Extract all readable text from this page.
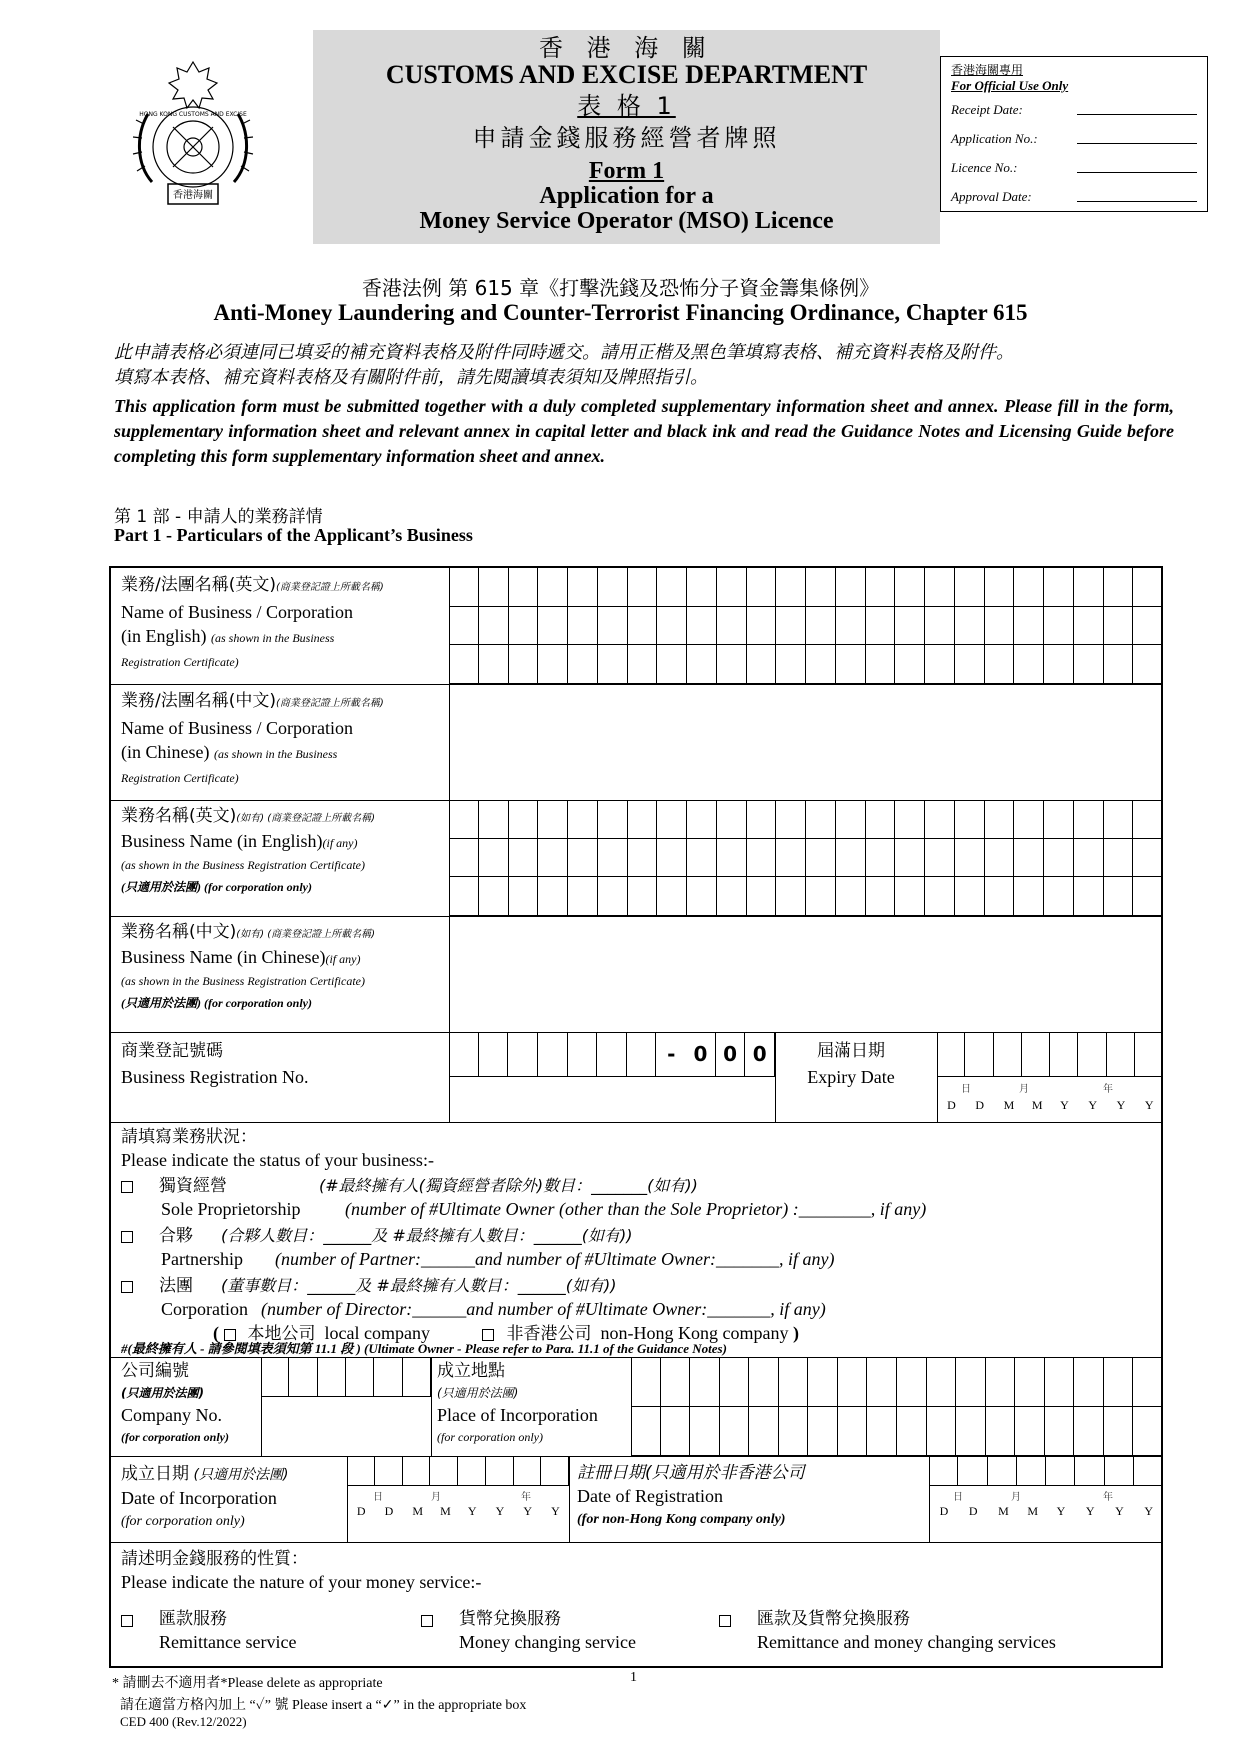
HONG KONG CUSTOMS AND EXCISE
香港海關
香 港 海 關
CUSTOMS AND EXCISE DEPARTMENT
表 格 1
申請金錢服務經營者牌照
Form 1
Application for a
Money Service Operator (MSO) Licence
香港海關專用
For Official Use Only
Receipt Date:
Application No.:
Licence No.:
Approval Date:
香港法例 第 615 章《打擊洗錢及恐怖分子資金籌集條例》
Anti-Money Laundering and Counter-Terrorist Financing Ordinance, Chapter 615
此申請表格必須連同已填妥的補充資料表格及附件同時遞交。請用正楷及黑色筆填寫表格、補充資料表格及附件。
填寫本表格、補充資料表格及有關附件前，請先閱讀填表須知及牌照指引。
This application form must be submitted together with a duly completed supplementary information sheet and annex. Please fill in the form, supplementary information sheet and relevant annex in capital letter and black ink and read the Guidance Notes and Licensing Guide before completing this form supplementary information sheet and annex.
第 1 部 - 申請人的業務詳情
Part 1 - Particulars of the Applicant’s Business
業務/法團名稱(英文)(商業登記證上所載名稱)
Name of Business / Corporation
(in English) (as shown in the Business
Registration Certificate)
業務/法團名稱(中文)(商業登記證上所載名稱)
Name of Business / Corporation
(in Chinese) (as shown in the Business
Registration Certificate)
業務名稱(英文)(如有) (商業登記證上所載名稱)
Business Name (in English)(if any)
(as shown in the Business Registration Certificate)
(只適用於法團) (for corporation only)
業務名稱(中文)(如有) (商業登記證上所載名稱)
Business Name (in Chinese)(if any)
(as shown in the Business Registration Certificate)
(只適用於法團) (for corporation only)
商業登記號碼
Business Registration No.
- 0 0 0	屆滿日期
Expiry Date
日	月	年
D D M M Y Y Y Y
請填寫業務狀況：
Please indicate the status of your business:-
獨資經營	(#最終擁有人(獨資經營者除外)數目：_______(如有))
Sole Proprietorship (number of #Ultimate Owner (other than the Sole Proprietor) :________, if any)
合夥 (合夥人數目：______及 #最終擁有人數目：______(如有))
Partnership (number of Partner:______and number of #Ultimate Owner:_______, if any)
法團 (董事數目：______及 #最終擁有人數目：______(如有))
Corporation (number of Director:______and number of #Ultimate Owner:_______, if any)
( 本地公司 local company	非香港公司 non-Hong Kong company )
#(最終擁有人 - 請參閱填表須知第 11.1 段 ) (Ultimate Owner - Please refer to Para. 11.1 of the Guidance Notes)
公司編號
(只適用於法團)
Company No.
(for corporation only)
成立地點
(只適用於法團)
Place of Incorporation
(for corporation only)
成立日期 (只適用於法團)
Date of Incorporation
(for corporation only)
日	月	年
D D M M Y Y Y Y
註冊日期(只適用於非香港公司
Date of Registration
(for non-Hong Kong company only)
日	月	年
D D M M Y Y Y Y
請述明金錢服務的性質：
Please indicate the nature of your money service:-
匯款服務
Remittance service
貨幣兌換服務
Money changing service
匯款及貨幣兌換服務
Remittance and money changing services
* 請刪去不適用者*Please delete as appropriate	1
請在適當方格內加上 “✓” 號 Please insert a “✓” in the appropriate box
CED 400 (Rev.12/2022)
